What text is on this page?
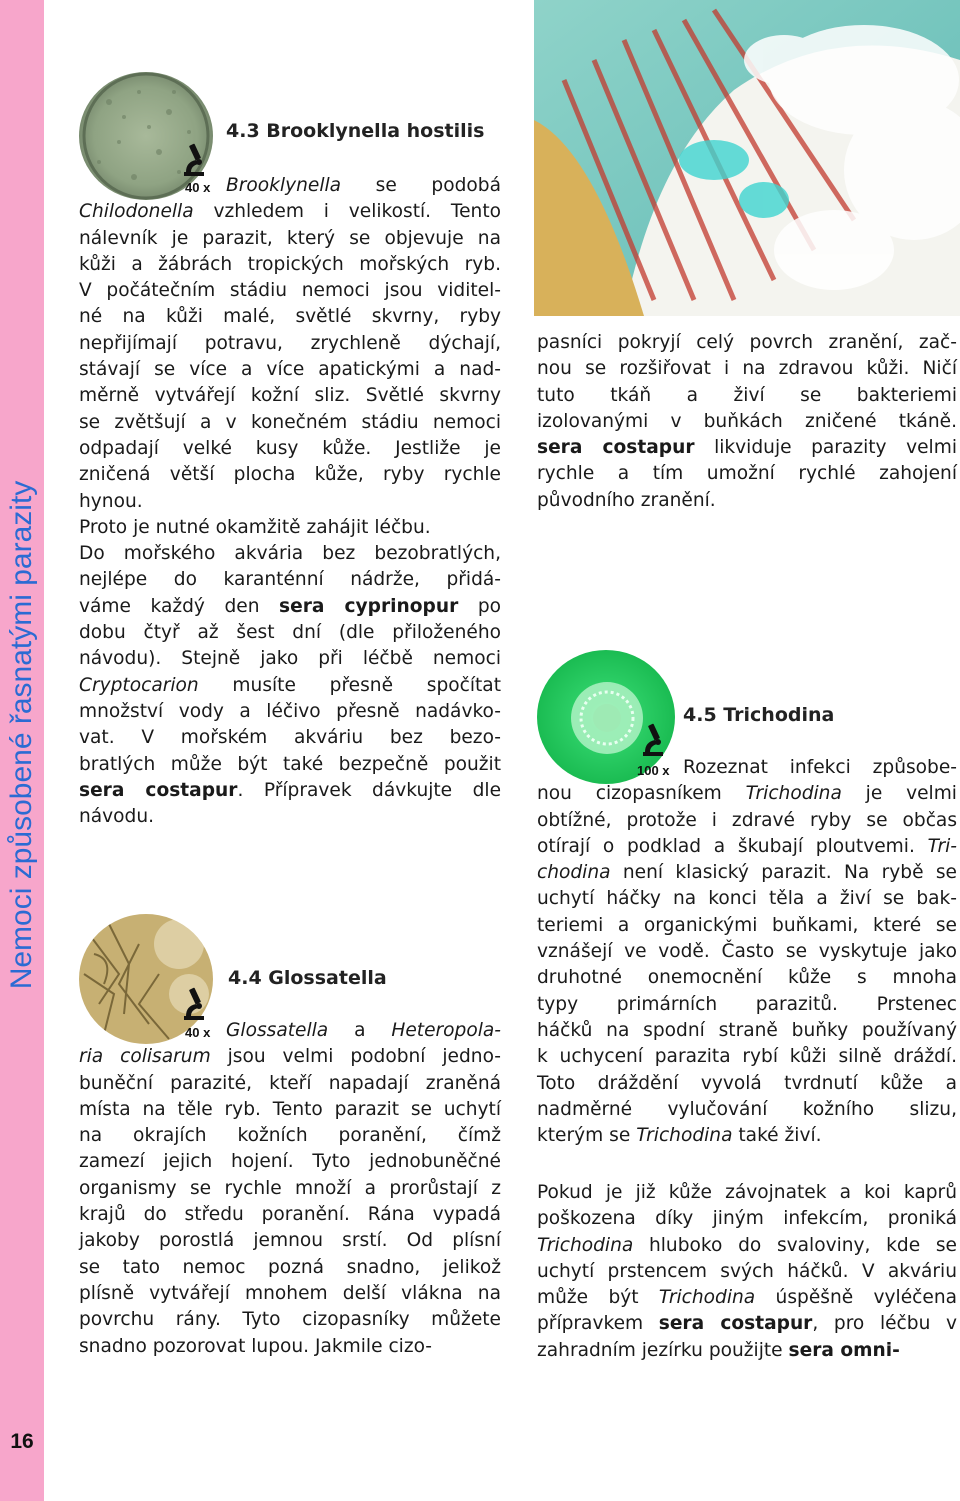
Nemoci způsobené řasnatými parazity
16
40 x
4.3 Brooklynella hostilis
Brooklynella se podobá
Chilodonella vzhledem i velikostí. Tento
nálevník je parazit, který se objevuje na
kůži a žábrách tropických mořských ryb.
V počátečním stádiu nemoci jsou viditel-
né na kůži malé, světlé skvrny, ryby
nepřijímají potravu, zrychleně dýchají,
stávají se více a více apatickými a nad-
měrně vytvářejí kožní sliz. Světlé skvrny
se zvětšují a v konečném stádiu nemoci
odpadají velké kusy kůže. Jestliže je
zničená větší plocha kůže, ryby rychle
hynou.
Proto je nutné okamžitě zahájit léčbu.
Do mořského akvária bez bezobratlých,
nejlépe do karanténní nádrže, přidá-
váme každý den sera cyprinopur po
dobu čtyř až šest dní (dle přiloženého
návodu). Stejně jako při léčbě nemoci
Cryptocarion musíte přesně spočítat
množství vody a léčivo přesně nadávko-
vat. V mořském akváriu bez bezo-
bratlých může být také bezpečně použit
sera costapur. Přípravek dávkujte dle
návodu.
40 x
4.4 Glossatella
Glossatella a Heteropola-
ria colisarum jsou velmi podobní jedno-
buněční parazité, kteří napadají zraněná
místa na těle ryb. Tento parazit se uchytí
na okrajích kožních poranění, čímž
zamezí jejich hojení. Tyto jednobuněčné
organismy se rychle množí a prorůstají z
krajů do středu poranění. Rána vypadá
jakoby porostlá jemnou srstí. Od plísní
se tato nemoc pozná snadno, jelikož
plísně vytvářejí mnohem delší vlákna na
povrchu rány. Tyto cizopasníky můžete
snadno pozorovat lupou. Jakmile cizo-
pasníci pokryjí celý povrch zranění, zač-
nou se rozšiřovat i na zdravou kůži. Ničí
tuto tkáň a živí se bakteriemi
izolovanými v buňkách zničené tkáně.
sera costapur likviduje parazity velmi
rychle a tím umožní rychlé zahojení
původního zranění.
100 x
4.5 Trichodina
Rozeznat infekci způsobe-
nou cizopasníkem Trichodina je velmi
obtížné, protože i zdravé ryby se občas
otírají o podklad a škubají ploutvemi. Tri-
chodina není klasický parazit. Na rybě se
uchytí háčky na konci těla a živí se bak-
teriemi a organickými buňkami, které se
vznášejí ve vodě. Často se vyskytuje jako
druhotné onemocnění kůže s mnoha
typy primárních parazitů. Prstenec
háčků na spodní straně buňky používaný
k uchycení parazita rybí kůži silně dráždí.
Toto dráždění vyvolá tvrdnutí kůže a
nadměrné vylučování kožního slizu,
kterým se Trichodina také živí.
Pokud je již kůže závojnatek a koi kaprů
poškozena díky jiným infekcím, proniká
Trichodina hluboko do svaloviny, kde se
uchytí prstencem svých háčků. V akváriu
může být Trichodina úspěšně vyléčena
přípravkem sera costapur, pro léčbu v
zahradním jezírku použijte sera omni-
